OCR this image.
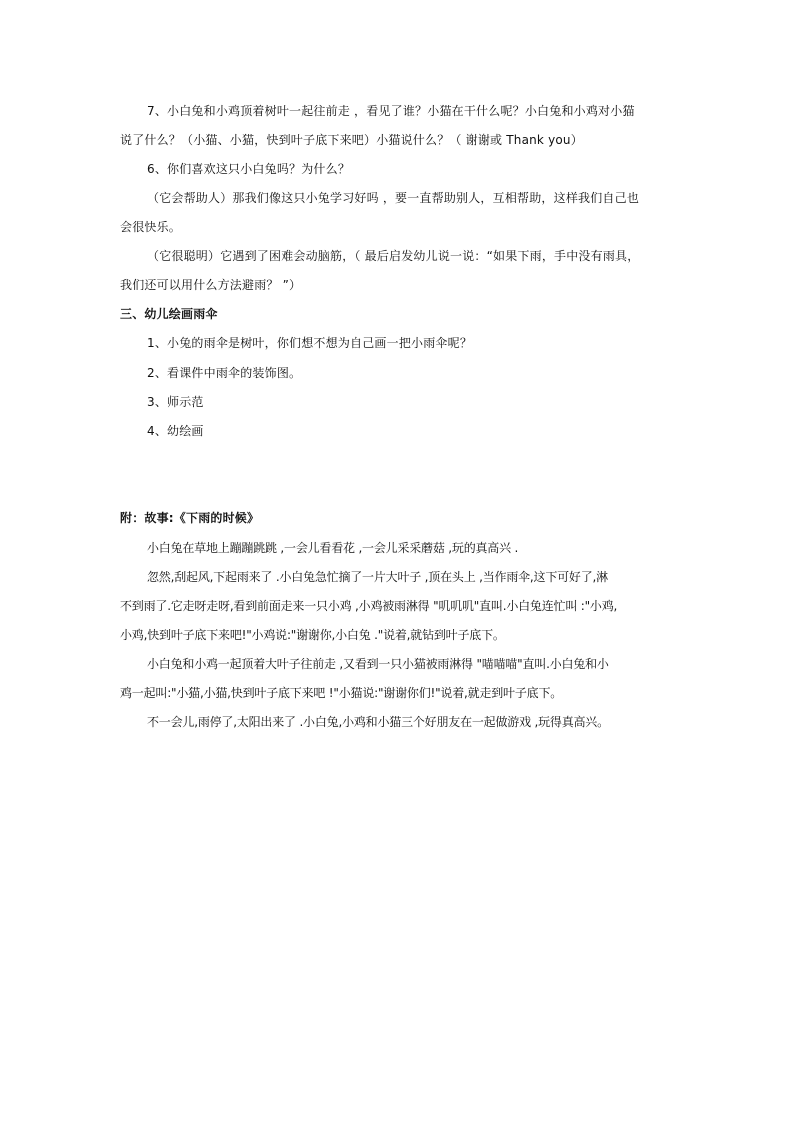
7、小白兔和小鸡顶着树叶一起往前走 ，看见了谁？小猫在干什么呢？小白兔和小鸡对小猫
说了什么？（小猫、小猫，快到叶子底下来吧）小猫说什么？（ 谢谢或 Thank you）
6、你们喜欢这只小白兔吗？为什么？
（它会帮助人）那我们像这只小兔学习好吗 ，要一直帮助别人，互相帮助，这样我们自己也
会很快乐。
（它很聪明）它遇到了困难会动脑筋，（ 最后启发幼儿说一说：“如果下雨，手中没有雨具，
我们还可以用什么方法避雨？ ”）
三、幼儿绘画雨伞
1、小兔的雨伞是树叶，你们想不想为自己画一把小雨伞呢？
2、看课件中雨伞的装饰图。
3、师示范
4、幼绘画
附：故事:《下雨的时候》
小白兔在草地上蹦蹦跳跳 ,一会儿看看花 ,一会儿采采蘑菇 ,玩的真高兴 .
忽然,刮起风,下起雨来了 .小白兔急忙摘了一片大叶子 ,顶在头上 ,当作雨伞,这下可好了,淋
不到雨了.它走呀走呀,看到前面走来一只小鸡 ,小鸡被雨淋得 "叽叽叽"直叫.小白兔连忙叫 :"小鸡,
小鸡,快到叶子底下来吧!"小鸡说:"谢谢你,小白兔 ."说着,就钻到叶子底下。
小白兔和小鸡一起顶着大叶子往前走 ,又看到一只小猫被雨淋得 "喵喵喵"直叫.小白兔和小
鸡一起叫:"小猫,小猫,快到叶子底下来吧 !"小猫说:"谢谢你们!"说着,就走到叶子底下。
不一会儿,雨停了,太阳出来了 .小白兔,小鸡和小猫三个好朋友在一起做游戏 ,玩得真高兴。
